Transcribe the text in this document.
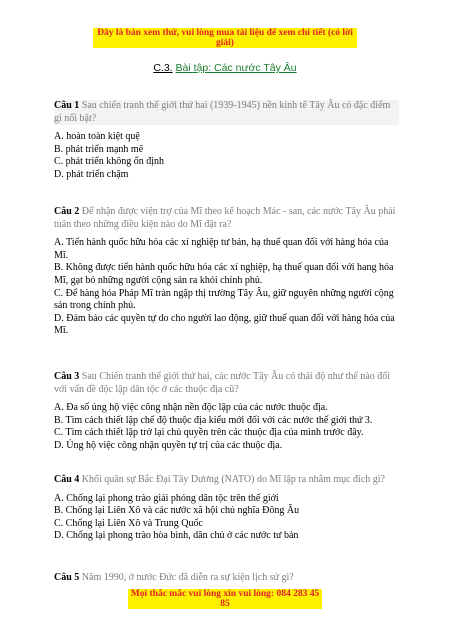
Đây là bản xem thử, vui lòng mua tài liệu để xem chi tiết (có lời giải)
C.3. Bài tập: Các nước Tây Âu

Câu 1 Sau chiến tranh thế giới thứ hai (1939-1945) nền kinh tế Tây Âu có đặc điểm gì nổi bật?

A. hoàn toàn kiệt quệ

B. phát triển mạnh mẽ

C. phát triển không ổn định

D. phát triển chậm

Câu 2 Để nhận được viện trợ của Mĩ theo kế hoạch Mác - san, các nước Tây Âu phải tuân theo những điều kiện nào do Mĩ đặt ra?

A. Tiến hành quốc hữu hóa các xí nghiệp tư bản, hạ thuế quan đối với hàng hóa của Mĩ.

B. Không được tiến hành quốc hữu hóa các xí nghiệp, hạ thuế quan đối với hang hóa Mĩ, gạt bỏ những người cộng sản ra khỏi chính phủ.

C. Để hàng hóa Pháp Mĩ tràn ngập thị trường Tây Âu, giữ nguyên những người cộng sản trong chính phủ.

D. Đảm bảo các quyền tự do cho người lao động, giữ thuế quan đối với hàng hóa của Mĩ.

Câu 3 Sau Chiến tranh thế giới thứ hai, các nước Tây Âu có thái độ như thế nào đối với vấn đề độc lập dân tộc ở các thuộc địa cũ?

A. Đa số ủng hộ việc công nhận nền độc lập của các nước thuộc địa.

B. Tìm cách thiết lập chế độ thuộc địa kiểu mới đối với các nước thế giới thứ 3.

C. Tìm cách thiết lập trở lại chủ quyền trên các thuộc địa của mình trước đây.

D. Ủng hộ việc công nhận quyền tự trị của các thuộc địa.

Câu 4 Khối quân sự Bắc Đại Tây Dương (NATO) do Mĩ lập ra nhằm mục đích gì?

A. Chống lại phong trào giải phóng dân tộc trên thế giới

B. Chống lại Liên Xô và các nước xã hội chủ nghĩa Đông Âu

C. Chống lại Liên Xô và Trung Quốc

D. Chống lại phong trào hòa bình, dân chủ ở các nước tư bản

Câu 5 Năm 1990, ở nước Đức đã diễn ra sự kiện lịch sử gì?

Mọi thắc mắc vui lòng xin vui lòng: 084 283 45 85
